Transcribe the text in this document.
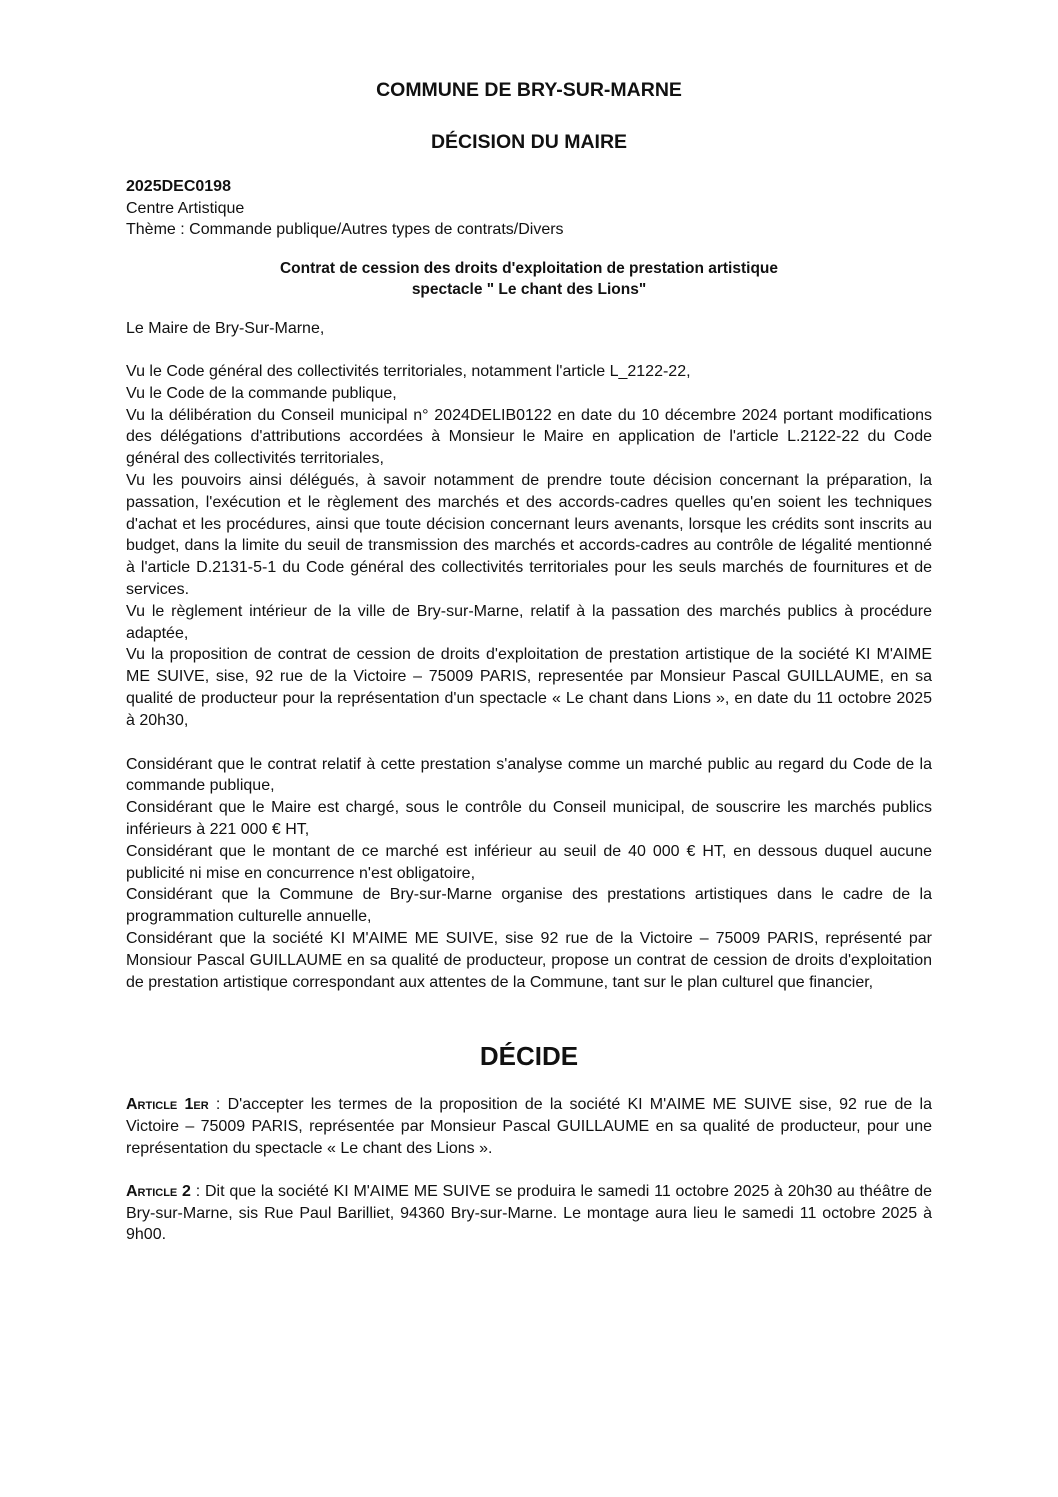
COMMUNE DE BRY-SUR-MARNE
DÉCISION DU MAIRE
2025DEC0198
Centre Artistique
Thème : Commande publique/Autres types de contrats/Divers
Contrat de cession des droits d'exploitation de prestation artistique
spectacle " Le chant des Lions"
Le Maire de Bry-Sur-Marne,

Vu le Code général des collectivités territoriales, notamment l'article L_2122-22,

Vu le Code de la commande publique,

Vu la délibération du Conseil municipal n° 2024DELIB0122 en date du 10 décembre 2024 portant modifications des délégations d'attributions accordées à Monsieur le Maire en application de l'article L.2122-22 du Code général des collectivités territoriales,

Vu les pouvoirs ainsi délégués, à savoir notamment de prendre toute décision concernant la préparation, la passation, l'exécution et le règlement des marchés et des accords-cadres quelles qu'en soient les techniques d'achat et les procédures, ainsi que toute décision concernant leurs avenants, lorsque les crédits sont inscrits au budget, dans la limite du seuil de transmission des marchés et accords-cadres au contrôle de légalité mentionné à l'article D.2131-5-1 du Code général des collectivités territoriales pour les seuls marchés de fournitures et de services.

Vu le règlement intérieur de la ville de Bry-sur-Marne, relatif à la passation des marchés publics à procédure adaptée,

Vu la proposition de contrat de cession de droits d'exploitation de prestation artistique de la société KI M'AIME ME SUIVE, sise, 92 rue de la Victoire – 75009 PARIS, representée par Monsieur Pascal GUILLAUME, en sa qualité de producteur pour la représentation d'un spectacle « Le chant dans Lions », en date du 11 octobre 2025 à 20h30,

Considérant que le contrat relatif à cette prestation s'analyse comme un marché public au regard du Code de la commande publique,

Considérant que le Maire est chargé, sous le contrôle du Conseil municipal, de souscrire les marchés publics inférieurs à 221 000 € HT,

Considérant que le montant de ce marché est inférieur au seuil de 40 000 € HT, en dessous duquel aucune publicité ni mise en concurrence n'est obligatoire,

Considérant que la Commune de Bry-sur-Marne organise des prestations artistiques dans le cadre de la programmation culturelle annuelle,

Considérant que la société KI M'AIME ME SUIVE, sise 92 rue de la Victoire – 75009 PARIS, représenté par Monsiour Pascal GUILLAUME en sa qualité de producteur, propose un contrat de cession de droits d'exploitation de prestation artistique correspondant aux attentes de la Commune, tant sur le plan culturel que financier,

DÉCIDE

Article 1er : D'accepter les termes de la proposition de la société KI M'AIME ME SUIVE sise, 92 rue de la Victoire – 75009 PARIS, représentée par Monsieur Pascal GUILLAUME en sa qualité de producteur, pour une représentation du spectacle « Le chant des Lions ».

Article 2 : Dit que la société KI M'AIME ME SUIVE se produira le samedi 11 octobre 2025 à 20h30 au théâtre de Bry-sur-Marne, sis Rue Paul Barilliet, 94360 Bry-sur-Marne. Le montage aura lieu le samedi 11 octobre 2025 à 9h00.
